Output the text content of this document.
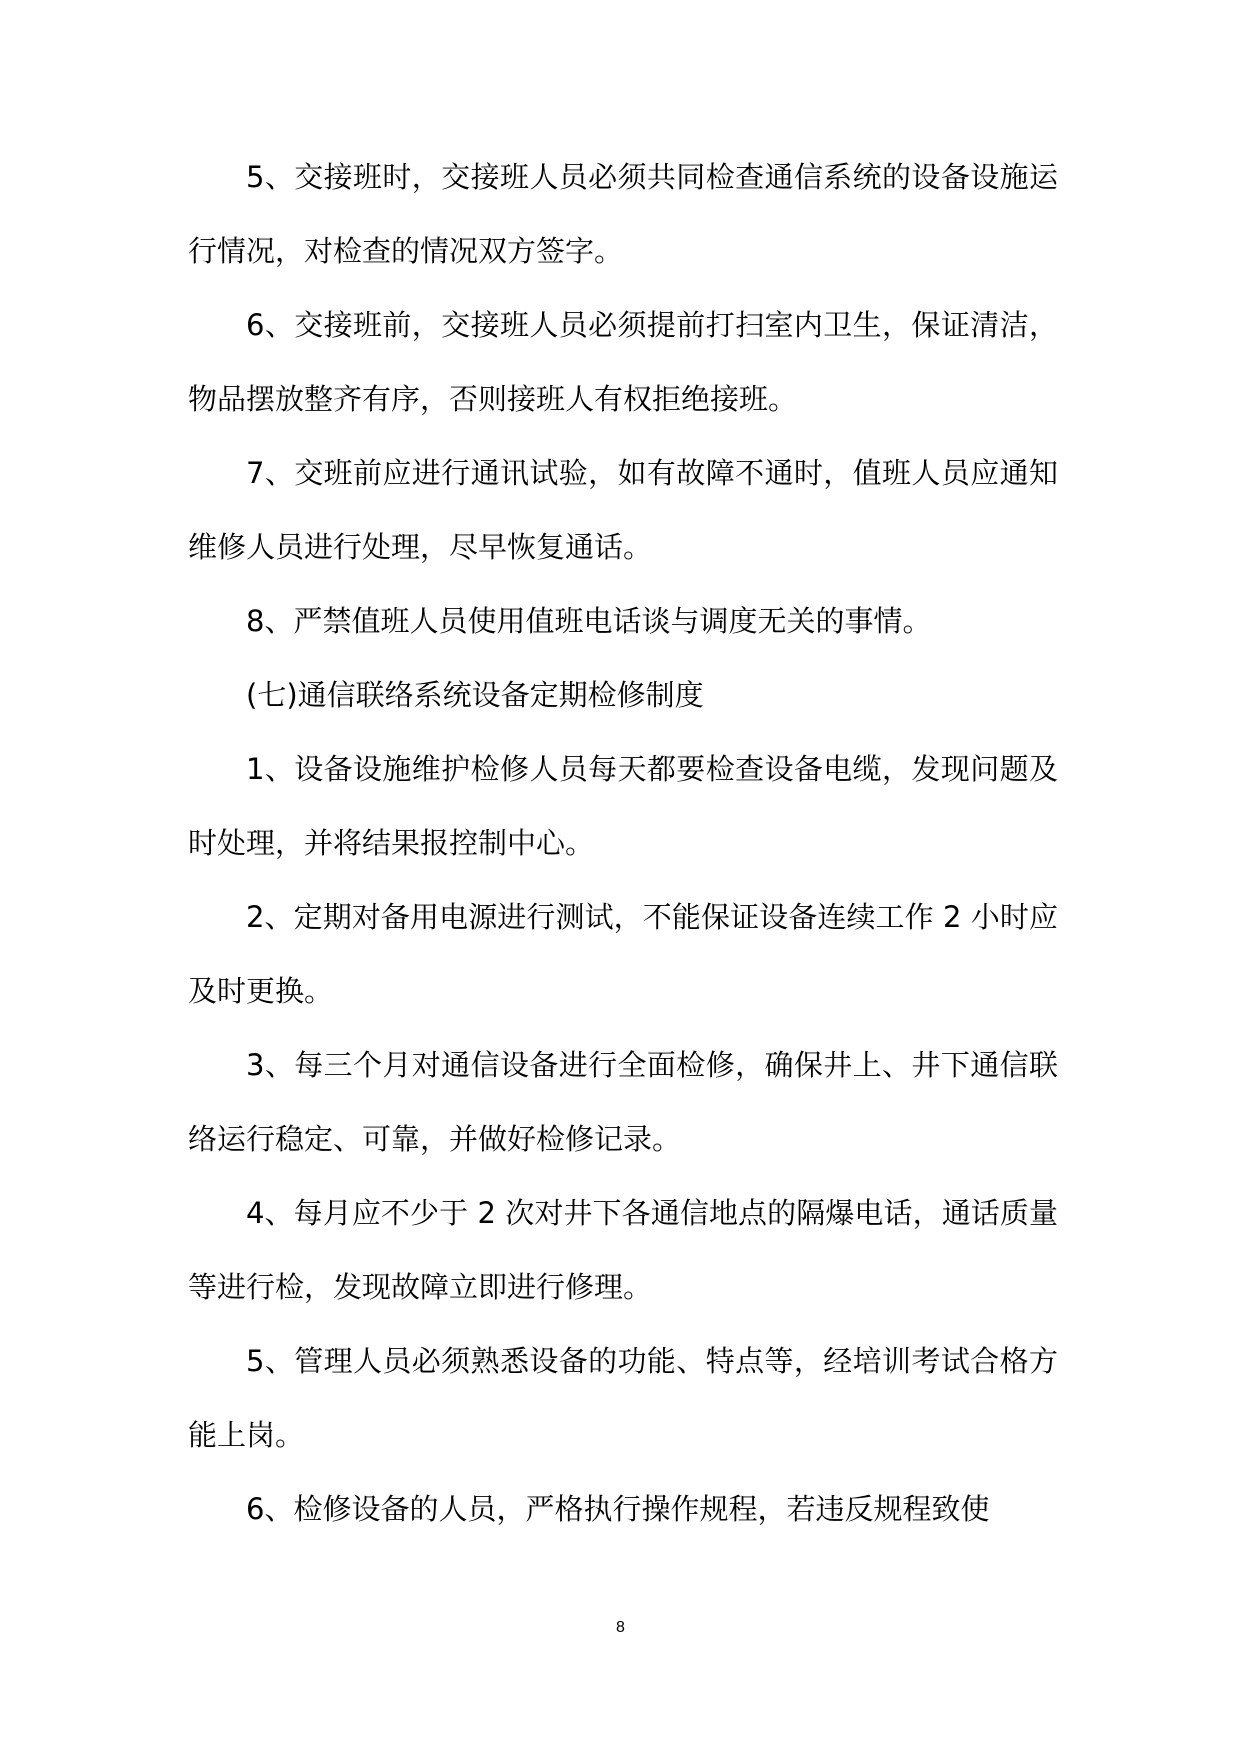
5、交接班时，交接班人员必须共同检查通信系统的设备设施运行情况，对检查的情况双方签字。

6、交接班前，交接班人员必须提前打扫室内卫生，保证清洁，物品摆放整齐有序，否则接班人有权拒绝接班。

7、交班前应进行通讯试验，如有故障不通时，值班人员应通知维修人员进行处理，尽早恢复通话。

8、严禁值班人员使用值班电话谈与调度无关的事情。

(七)通信联络系统设备定期检修制度

1、设备设施维护检修人员每天都要检查设备电缆，发现问题及时处理，并将结果报控制中心。

2、定期对备用电源进行测试，不能保证设备连续工作 2 小时应及时更换。

3、每三个月对通信设备进行全面检修，确保井上、井下通信联络运行稳定、可靠，并做好检修记录。

4、每月应不少于 2 次对井下各通信地点的隔爆电话，通话质量等进行检，发现故障立即进行修理。

5、管理人员必须熟悉设备的功能、特点等，经培训考试合格方能上岗。

6、检修设备的人员，严格执行操作规程，若违反规程致使

8
